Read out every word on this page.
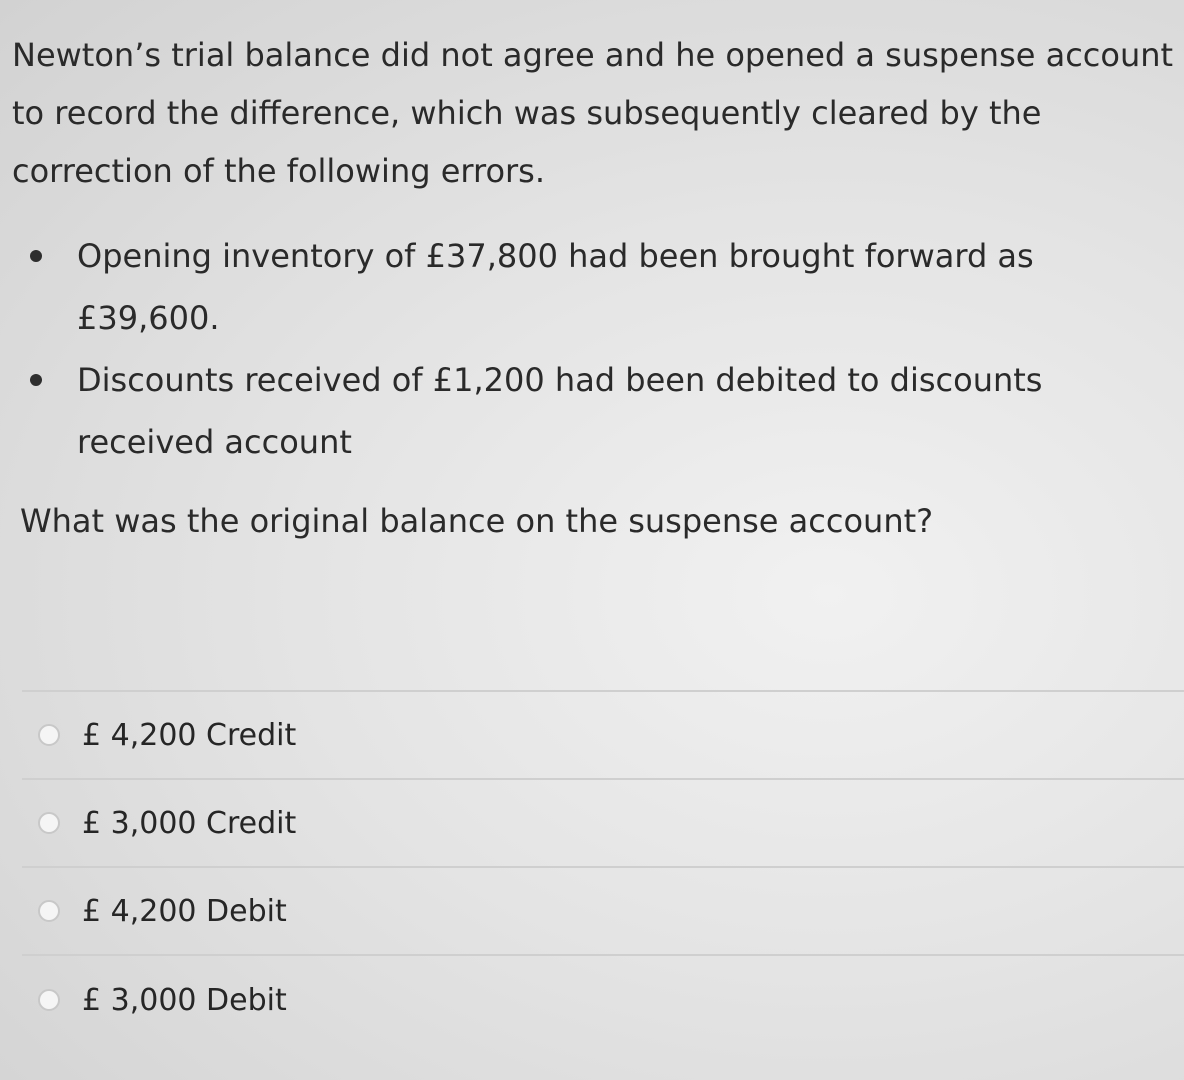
Newton’s trial balance did not agree and he opened a suspense account to record the difference, which was subsequently cleared by the correction of the following errors.

Opening inventory of £37,800 had been brought forward as £39,600.
Discounts received of £1,200 had been debited to discounts received account

What was the original balance on the suspense account?

£ 4,200 Credit
£ 3,000 Credit
£ 4,200 Debit
£ 3,000 Debit
